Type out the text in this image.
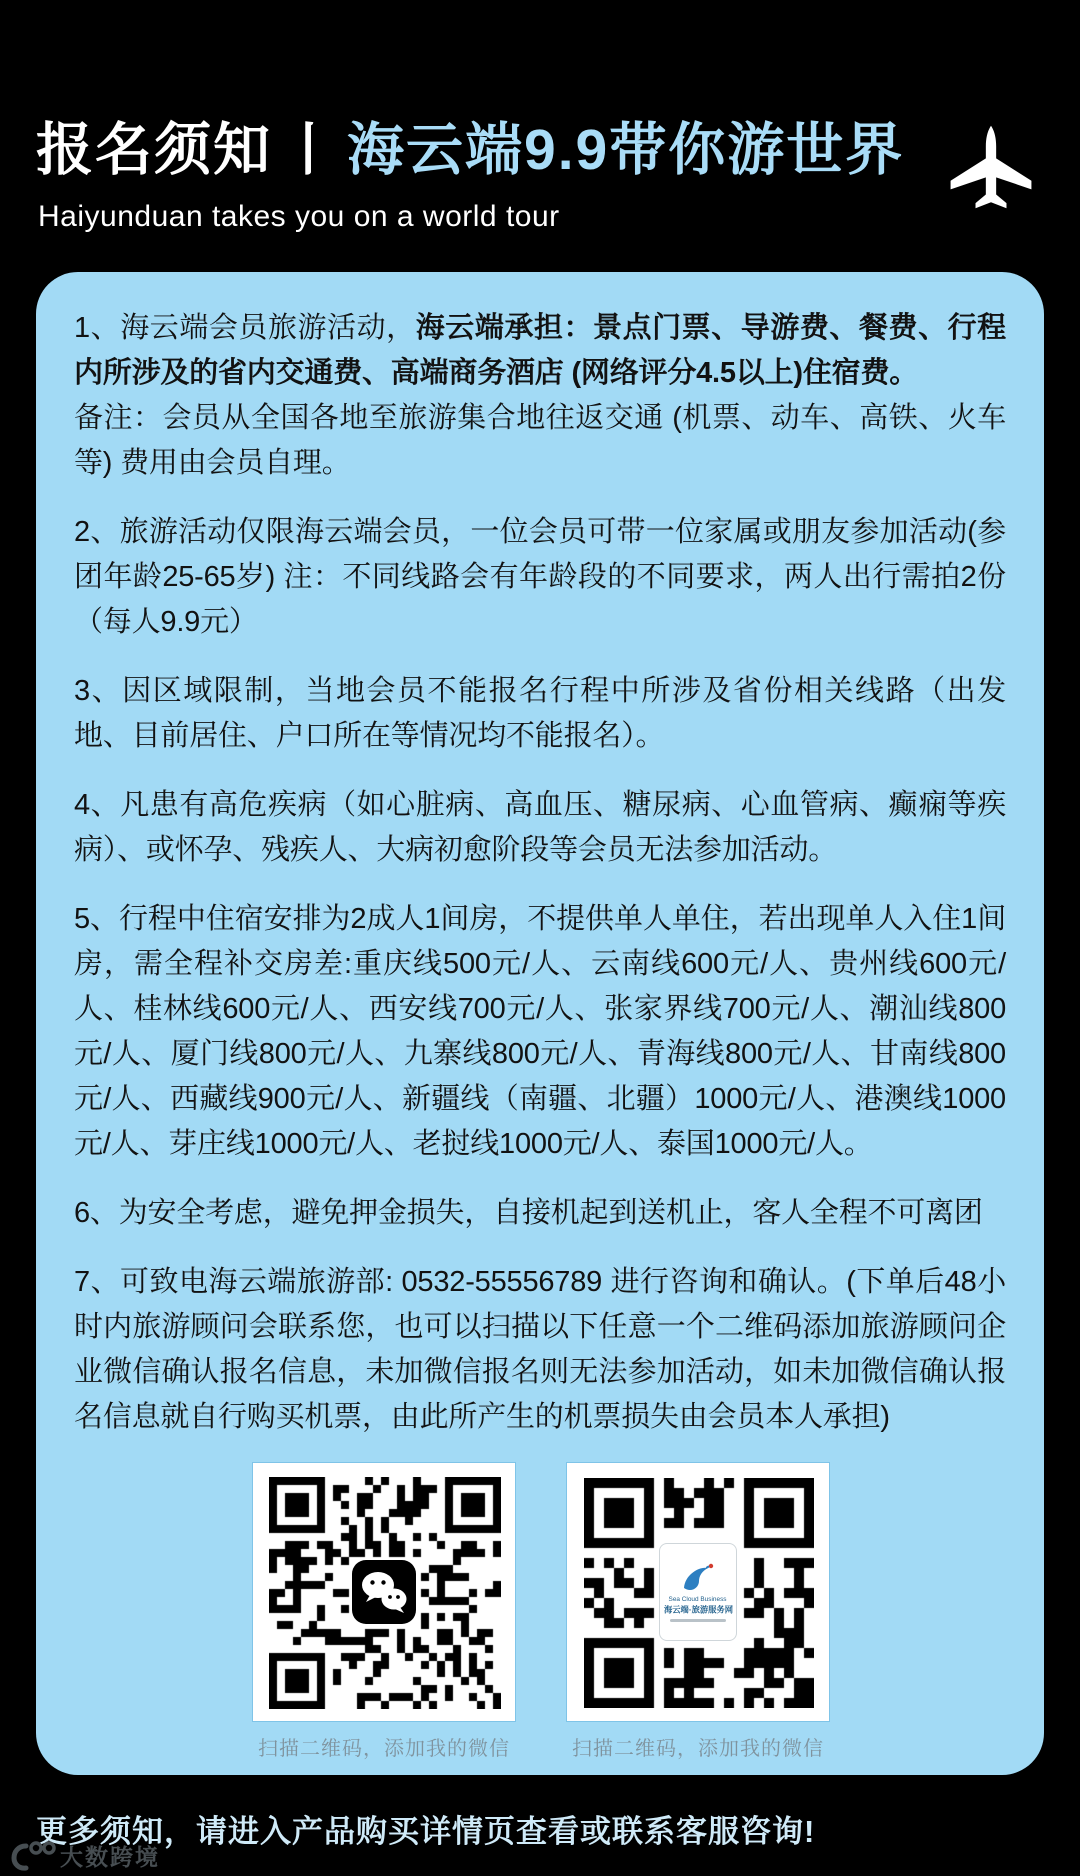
报名须知 丨 海云端9.9带你游世界
Haiyunduan takes you on a world tour

1、海云端会员旅游活动，海云端承担：景点门票、导游费、餐费、行程内所涉及的省内交通费、高端商务酒店 (网络评分4.5以上)住宿费。
备注：会员从全国各地至旅游集合地往返交通 (机票、动车、高铁、火车等) 费用由会员自理。

2、旅游活动仅限海云端会员，一位会员可带一位家属或朋友参加活动(参团年龄25-65岁) 注：不同线路会有年龄段的不同要求，两人出行需拍2份（每人9.9元）

3、因区域限制，当地会员不能报名行程中所涉及省份相关线路（出发地、目前居住、户口所在等情况均不能报名）。

4、凡患有高危疾病（如心脏病、高血压、糖尿病、心血管病、癫痫等疾病）、或怀孕、残疾人、大病初愈阶段等会员无法参加活动。

5、行程中住宿安排为2成人1间房，不提供单人单住，若出现单人入住1间房，需全程补交房差:重庆线500元/人、云南线600元/人、贵州线600元/人、桂林线600元/人、西安线700元/人、张家界线700元/人、潮汕线800元/人、厦门线800元/人、九寨线800元/人、青海线800元/人、甘南线800元/人、西藏线900元/人、新疆线（南疆、北疆）1000元/人、港澳线1000元/人、芽庄线1000元/人、老挝线1000元/人、泰国1000元/人。

6、为安全考虑，避免押金损失，自接机起到送机止，客人全程不可离团

7、可致电海云端旅游部: 0532-55556789 进行咨询和确认。(下单后48小时内旅游顾问会联系您，也可以扫描以下任意一个二维码添加旅游顾问企业微信确认报名信息，未加微信报名则无法参加活动，如未加微信确认报名信息就自行购买机票，由此所产生的机票损失由会员本人承担)

扫描二维码，添加我的微信
Sea Cloud Business
海云端·旅游服务网
扫描二维码，添加我的微信
更多须知，请进入产品购买详情页查看或联系客服咨询!
大数跨境
